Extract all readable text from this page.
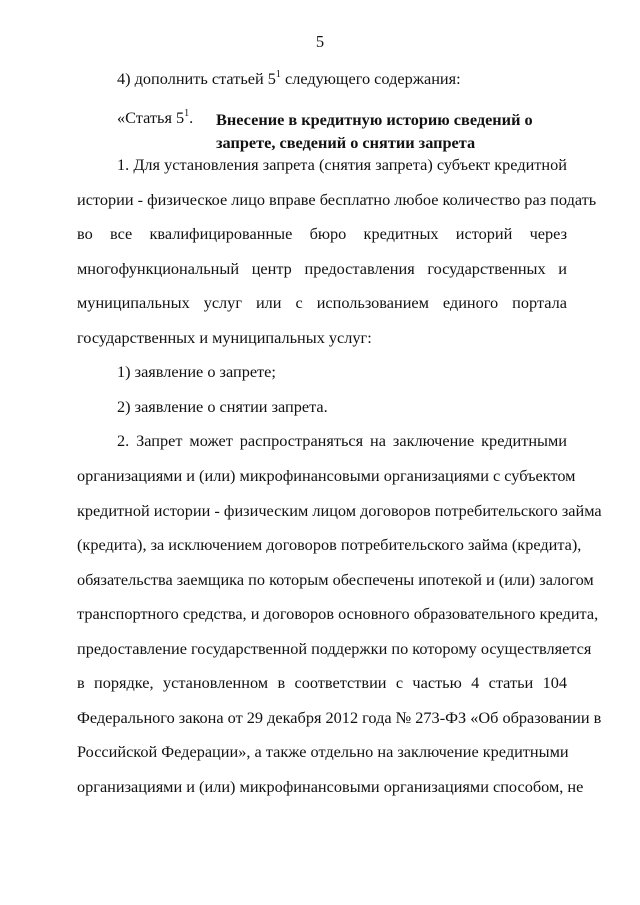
5
4) дополнить статьей $5^1$ следующего содержания:
«Статья $5^1$. Внесение в кредитную историю сведений о
запрете, сведений о снятии запрета
1. Для установления запрета (снятия запрета) субъект кредитной
истории - физическое лицо вправе бесплатно любое количество раз подать
во все квалифицированные бюро кредитных историй через
многофункциональный центр предоставления государственных и
муниципальных услуг или с использованием единого портала
государственных и муниципальных услуг:
1) заявление о запрете;
2) заявление о снятии запрета.
2. Запрет может распространяться на заключение кредитными
организациями и (или) микрофинансовыми организациями с субъектом
кредитной истории - физическим лицом договоров потребительского займа
(кредита), за исключением договоров потребительского займа (кредита),
обязательства заемщика по которым обеспечены ипотекой и (или) залогом
транспортного средства, и договоров основного образовательного кредита,
предоставление государственной поддержки по которому осуществляется
в порядке, установленном в соответствии с частью 4 статьи 104
Федерального закона от 29 декабря 2012 года № 273-ФЗ «Об образовании в
Российской Федерации», а также отдельно на заключение кредитными
организациями и (или) микрофинансовыми организациями способом, не
